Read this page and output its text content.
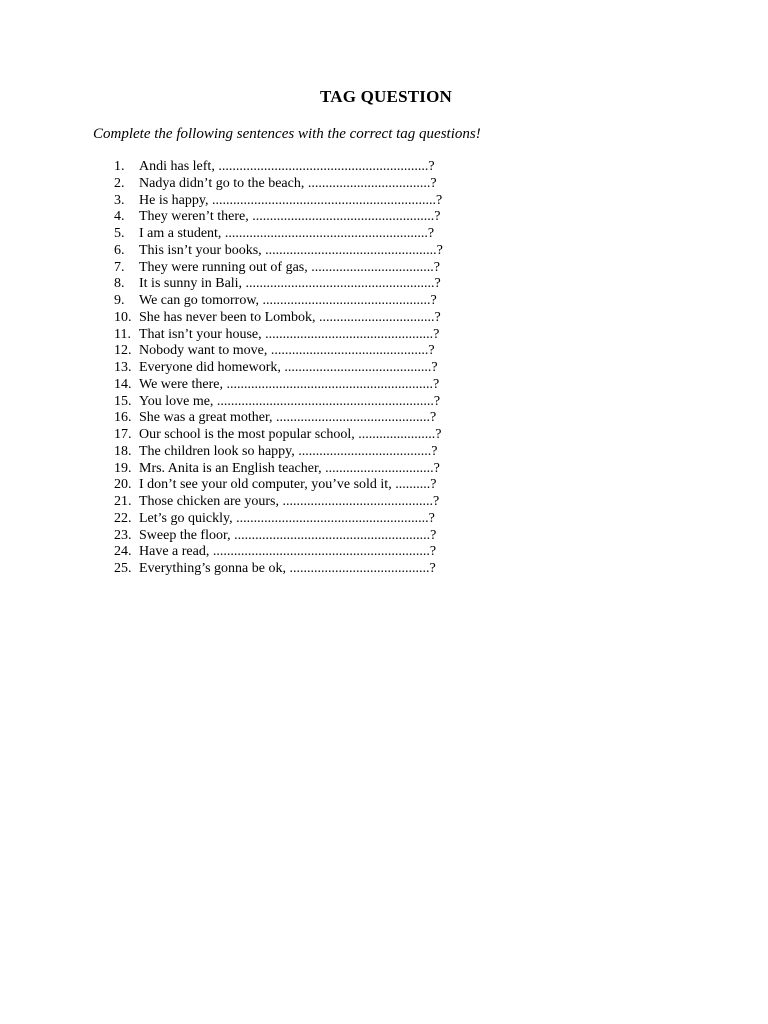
TAG QUESTION

Complete the following sentences with the correct tag questions!

1.	Andi has left, ............................................................?
2.	Nadya didn’t go to the beach, ...................................?
3.	He is happy, ................................................................?
4.	They weren’t there, ....................................................?
5.	I am a student, ..........................................................?
6.	This isn’t your books, .................................................?
7.	They were running out of gas, ...................................?
8.	It is sunny in Bali, ......................................................?
9.	We can go tomorrow, ................................................?
10. She has never been to Lombok, .................................?
11. That isn’t your house, ................................................?
12. Nobody want to move, .............................................?
13. Everyone did homework, ..........................................?
14. We were there, ...........................................................?
15. You love me, ..............................................................?
16. She was a great mother, ............................................?
17. Our school is the most popular school, ......................?
18. The children look so happy, ......................................?
19. Mrs. Anita is an English teacher, ...............................?
20. I don’t see your old computer, you’ve sold it, ..........?
21. Those chicken are yours, ...........................................?
22. Let’s go quickly, .......................................................?
23. Sweep the floor, ........................................................?
24. Have a read, ..............................................................?
25. Everything’s gonna be ok, ........................................?
